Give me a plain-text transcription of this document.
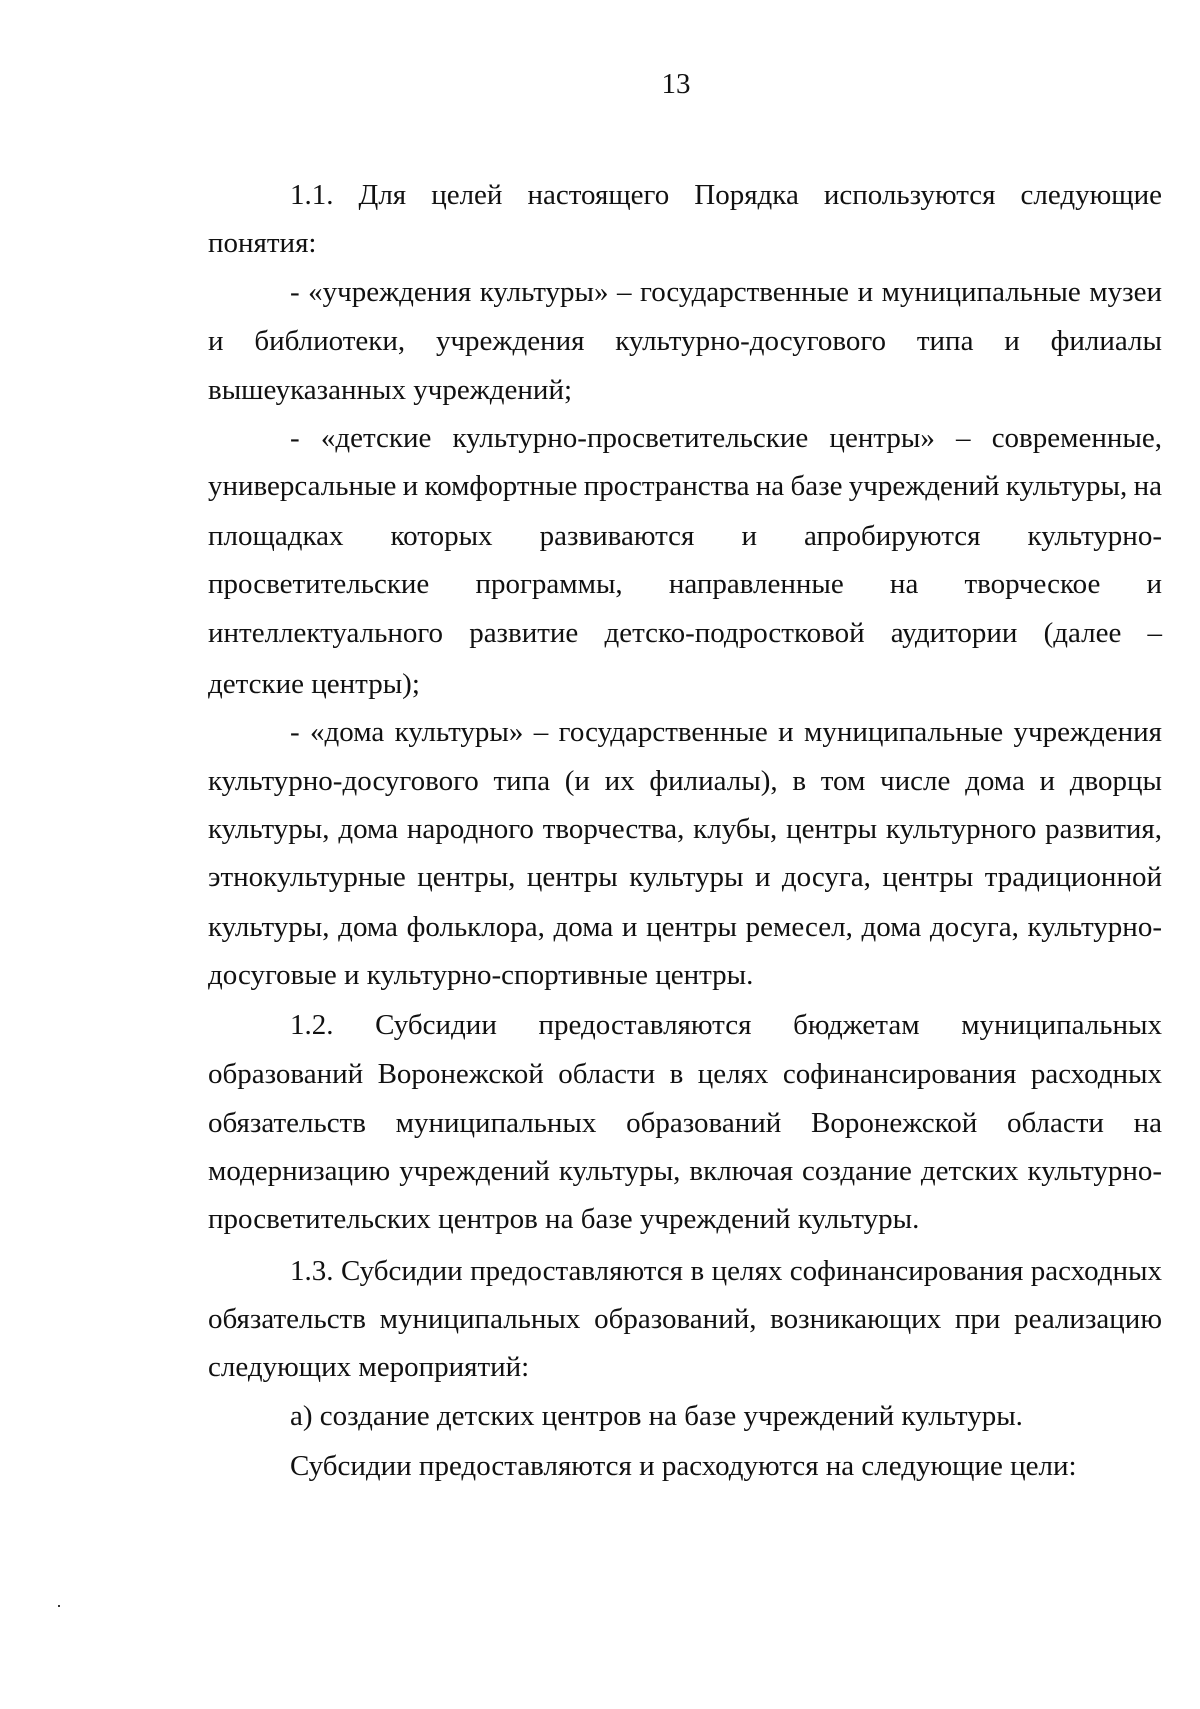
13
1.1. Для целей настоящего Порядка используются следующие
понятия:
- «учреждения культуры» – государственные и муниципальные музеи
и библиотеки, учреждения культурно-досугового типа и филиалы
вышеуказанных учреждений;
- «детские культурно-просветительские центры» – современные,
универсальные и комфортные пространства на базе учреждений культуры, на
площадках которых развиваются и апробируются культурно-
просветительские программы, направленные на творческое и
интеллектуального развитие детско-подростковой аудитории (далее –
детские центры);
- «дома культуры» – государственные и муниципальные учреждения
культурно-досугового типа (и их филиалы), в том числе дома и дворцы
культуры, дома народного творчества, клубы, центры культурного развития,
этнокультурные центры, центры культуры и досуга, центры традиционной
культуры, дома фольклора, дома и центры ремесел, дома досуга, культурно-
досуговые и культурно-спортивные центры.
1.2. Субсидии предоставляются бюджетам муниципальных
образований Воронежской области в целях софинансирования расходных
обязательств муниципальных образований Воронежской области на
модернизацию учреждений культуры, включая создание детских культурно-
просветительских центров на базе учреждений культуры.
1.3. Субсидии предоставляются в целях софинансирования расходных
обязательств муниципальных образований, возникающих при реализацию
следующих мероприятий:
а) создание детских центров на базе учреждений культуры.
Субсидии предоставляются и расходуются на следующие цели:
